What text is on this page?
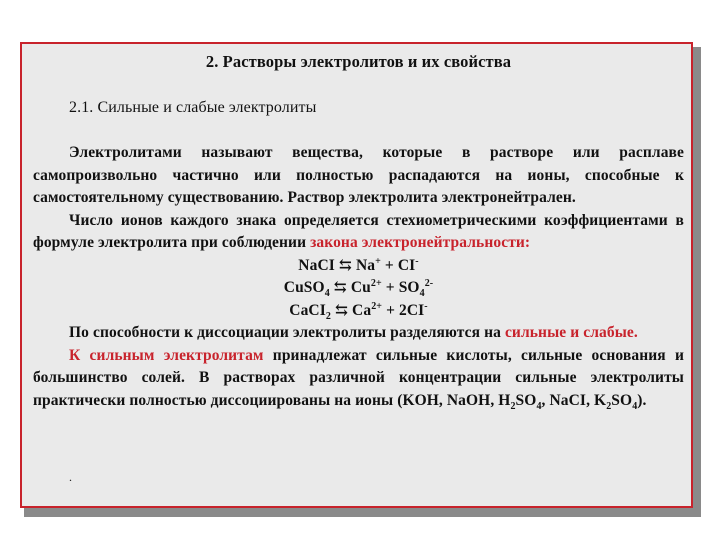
2. Растворы электролитов и их свойства
2.1. Сильные и слабые электролиты

Электролитами называют вещества, которые в растворе или расплаве самопроизвольно частично или полностью распадаются на ионы, способные к самостоятельному существованию. Раствор электролита электронейтрален.

Число ионов каждого знака определяется стехиометрическими коэффициентами в формуле электролита при соблюдении закона электронейтральности:

NaCI ⇆ Na+ + CI-

CuSO$_4$ ⇆ $Cu^{2+} + SO_4^{2-}$

CaCI$_2$ ⇆ $Ca^{2+} + 2CI^-$

По способности к диссоциации электролиты разделяются на сильные и слабые.

К сильным электролитам принадлежат сильные кислоты, сильные основания и большинство солей. В растворах различной концентрации сильные электролиты практически полностью диссоциированы на ионы (KOH, NaOH, $H_2SO_4$, NaCI, $K_2SO_4$).

.
